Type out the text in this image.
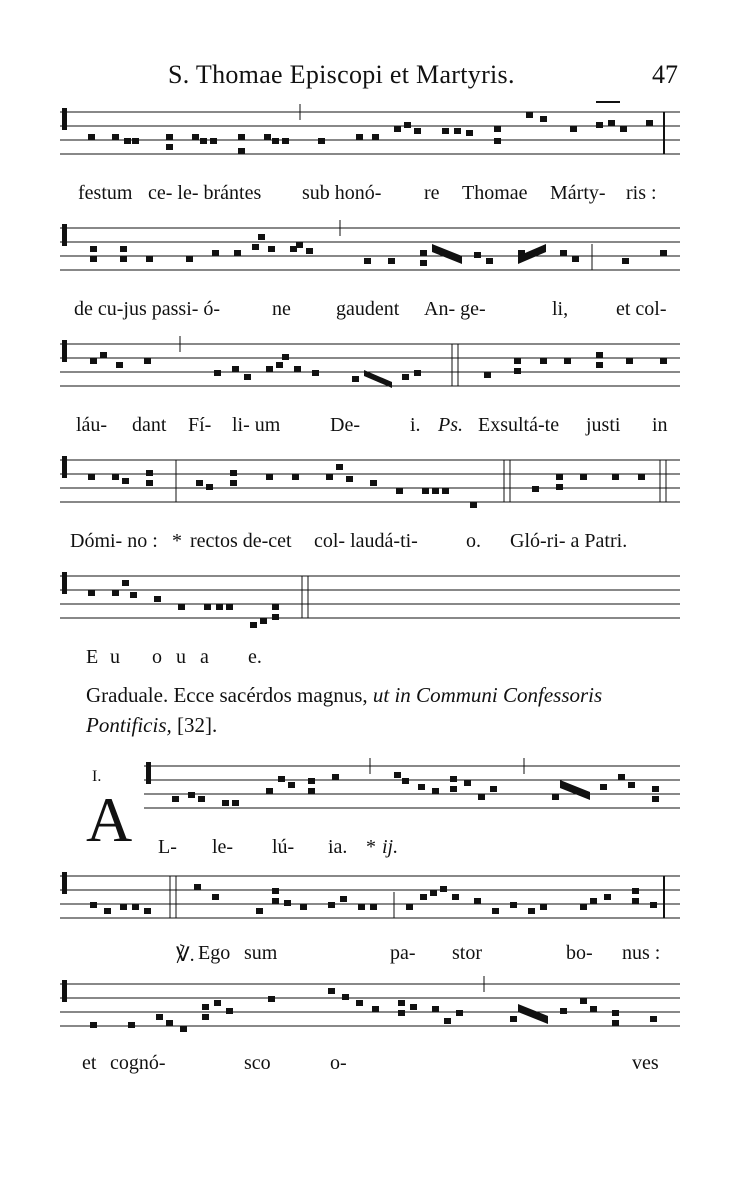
S. Thomae Episcopi et Martyris.	47
festum ce- le- brántes sub honó- re Thomae Márty- ris :
de cu-jus passi- ó-	ne gaudent An- ge-	li, et col-
láu- dant Fí- li- um De-	i. Ps. Exsultá-te justi in
Dómi- no : * rectos de-cet col- laudá-ti- o. Gló-ri- a Patri.
E u o u a e.
Graduale. Ecce sacérdos magnus, ut in Communi Confessoris
Pontificis, [32].
I.
A L- le- lú- ia. * ij.
℣. Ego sum	pa- stor	bo- nus :
et cognó-	sco	o-	ves
